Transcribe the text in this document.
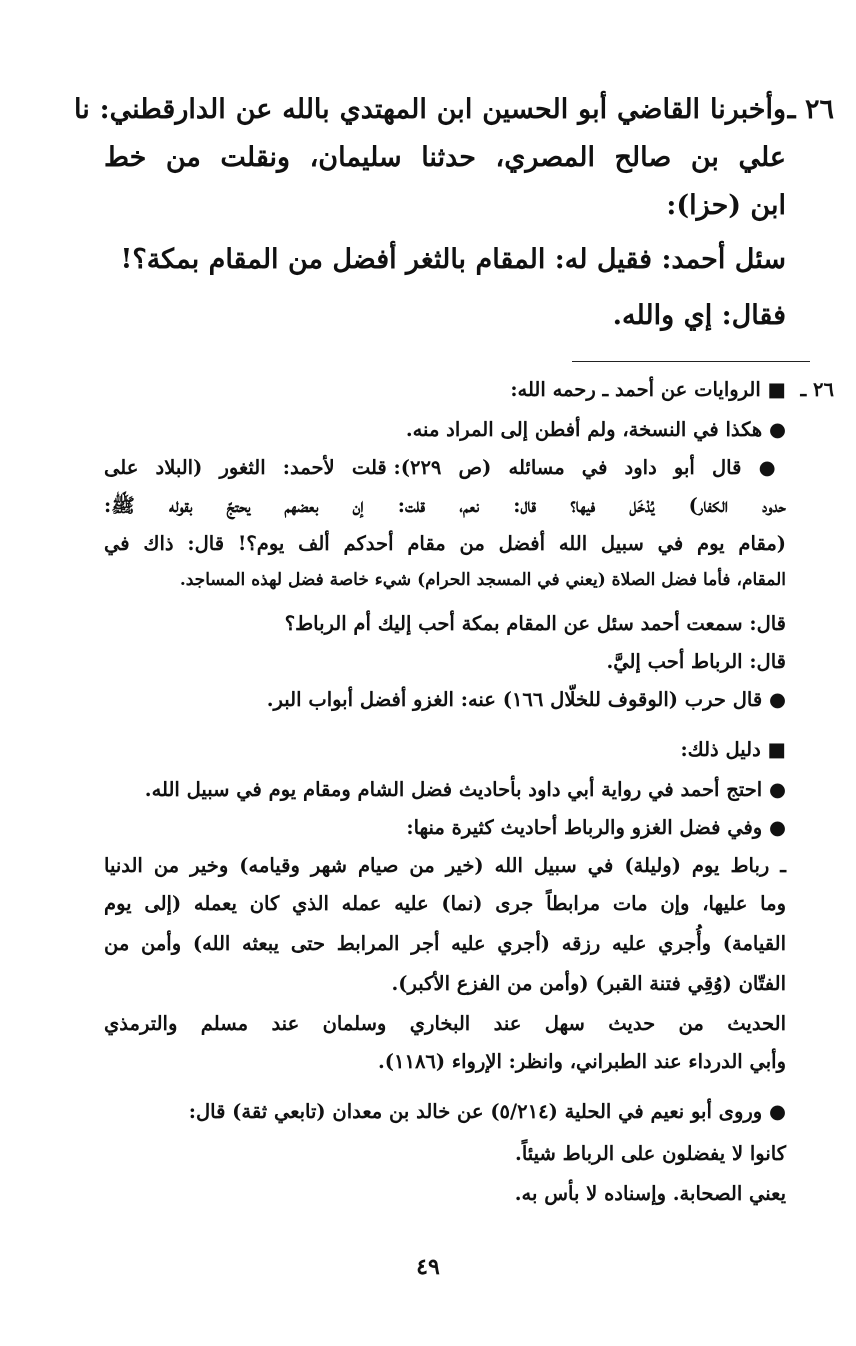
٢٦ ـ
وأخبرنا القاضي أبو الحسين ابن المهتدي بالله عن الدارقطني: نا
علي بن صالح المصري، حدثنا سليمان، ونقلت من خط
ابن (حزا):
سئل أحمد: فقيل له: المقام بالثغر أفضل من المقام بمكة؟!
فقال: إي والله.
٢٦ ـ
■ الروايات عن أحمد ـ رحمه الله:
● هكذا في النسخة، ولم أفطن إلى المراد منه.
● قال أبو داود في مسائله (ص ٢٢٩): قلت لأحمد: الثغور (البلاد على
حدود الكفار) يُدْخَل فيها؟ قال: نعم، قلت: إن بعضهم يحتجّ بقوله ﷺ:
(مقام يوم في سبيل الله أفضل من مقام أحدكم ألف يوم؟! قال: ذاك في
المقام، فأما فضل الصلاة (يعني في المسجد الحرام) شيء خاصة فضل لهذه المساجد.
قال: سمعت أحمد سئل عن المقام بمكة أحب إليك أم الرباط؟
قال: الرباط أحب إليَّ.
● قال حرب (الوقوف للخلّال ١٦٦) عنه: الغزو أفضل أبواب البر.
■ دليل ذلك:
● احتج أحمد في رواية أبي داود بأحاديث فضل الشام ومقام يوم في سبيل الله.
● وفي فضل الغزو والرباط أحاديث كثيرة منها:
ـ رباط يوم (وليلة) في سبيل الله (خير من صيام شهر وقيامه) وخير من الدنيا
وما عليها، وإن مات مرابطاً جرى (نما) عليه عمله الذي كان يعمله (إلى يوم
القيامة) وأُجري عليه رزقه (أجري عليه أجر المرابط حتى يبعثه الله) وأمن من
الفتّان (وُقِي فتنة القبر) (وأمن من الفزع الأكبر).
الحديث من حديث سهل عند البخاري وسلمان عند مسلم والترمذي
وأبي الدرداء عند الطبراني، وانظر: الإرواء (١١٨٦).
● وروى أبو نعيم في الحلية (٥/٢١٤) عن خالد بن معدان (تابعي ثقة) قال:
كانوا لا يفضلون على الرباط شيئاً.
يعني الصحابة. وإسناده لا بأس به.
٤٩
